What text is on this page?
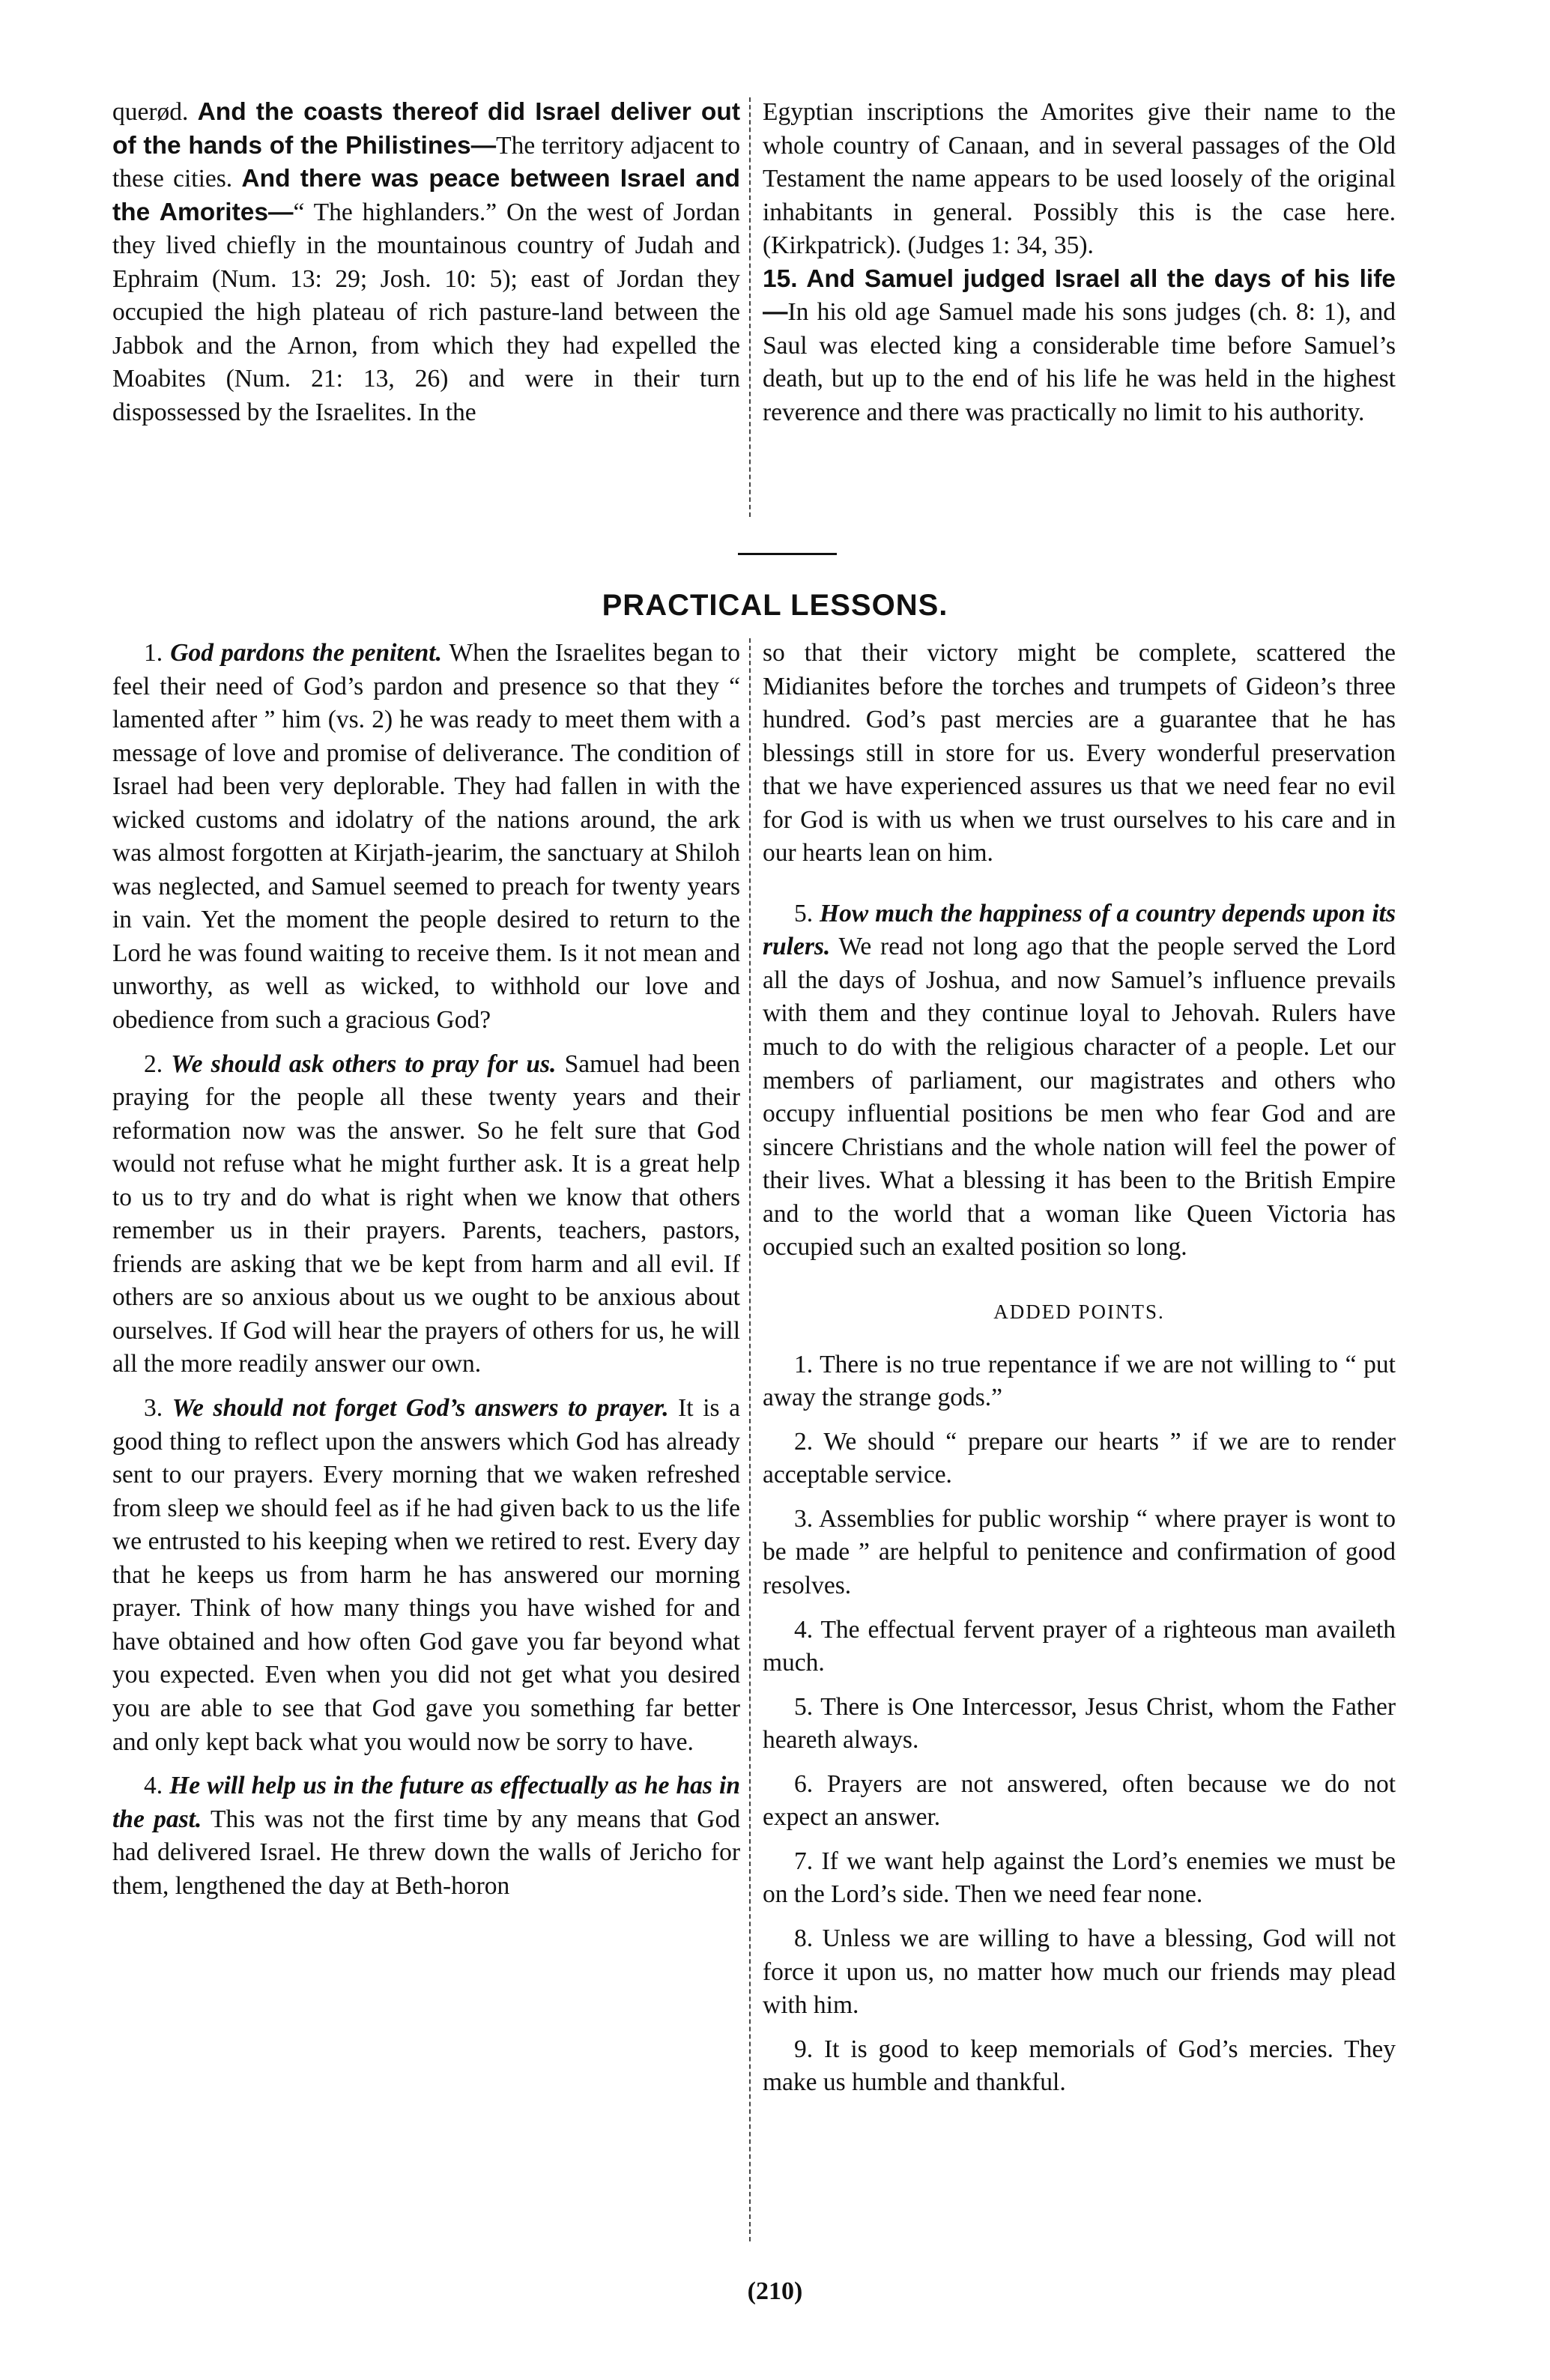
querød. And the coasts thereof did Israel deliver out of the hands of the Philistines—The territory adjacent to these cities. And there was peace between Israel and the Amorites—“ The highlanders.” On the west of Jordan they lived chiefly in the mountainous country of Judah and Ephraim (Num. 13: 29; Josh. 10: 5); east of Jordan they occupied the high plateau of rich pasture-land between the Jabbok and the Arnon, from which they had expelled the Moabites (Num. 21: 13, 26) and were in their turn dispossessed by the Israelites. In the

Egyptian inscriptions the Amorites give their name to the whole country of Canaan, and in several passages of the Old Testament the name appears to be used loosely of the original inhabitants in general. Possibly this is the case here. (Kirkpatrick). (Judges 1: 34, 35).

15. And Samuel judged Israel all the days of his life—In his old age Samuel made his sons judges (ch. 8: 1), and Saul was elected king a considerable time before Samuel’s death, but up to the end of his life he was held in the highest reverence and there was practically no limit to his authority.

PRACTICAL LESSONS.

1. God pardons the penitent. When the Israelites began to feel their need of God’s pardon and presence so that they “ lamented after ” him (vs. 2) he was ready to meet them with a message of love and promise of deliverance. The condition of Israel had been very deplorable. They had fallen in with the wicked customs and idolatry of the nations around, the ark was almost forgotten at Kirjath-jearim, the sanctuary at Shiloh was neglected, and Samuel seemed to preach for twenty years in vain. Yet the moment the people desired to return to the Lord he was found waiting to receive them. Is it not mean and unworthy, as well as wicked, to withhold our love and obedience from such a gracious God?

2. We should ask others to pray for us. Samuel had been praying for the people all these twenty years and their reformation now was the answer. So he felt sure that God would not refuse what he might further ask. It is a great help to us to try and do what is right when we know that others remember us in their prayers. Parents, teachers, pastors, friends are asking that we be kept from harm and all evil. If others are so anxious about us we ought to be anxious about ourselves. If God will hear the prayers of others for us, he will all the more readily answer our own.

3. We should not forget God’s answers to prayer. It is a good thing to reflect upon the answers which God has already sent to our prayers. Every morning that we waken refreshed from sleep we should feel as if he had given back to us the life we entrusted to his keeping when we retired to rest. Every day that he keeps us from harm he has answered our morning prayer. Think of how many things you have wished for and have obtained and how often God gave you far beyond what you expected. Even when you did not get what you desired you are able to see that God gave you something far better and only kept back what you would now be sorry to have.

4. He will help us in the future as effectually as he has in the past. This was not the first time by any means that God had delivered Israel. He threw down the walls of Jericho for them, lengthened the day at Beth-horon

so that their victory might be complete, scattered the Midianites before the torches and trumpets of Gideon’s three hundred. God’s past mercies are a guarantee that he has blessings still in store for us. Every wonderful preservation that we have experienced assures us that we need fear no evil for God is with us when we trust ourselves to his care and in our hearts lean on him.

5. How much the happiness of a country depends upon its rulers. We read not long ago that the people served the Lord all the days of Joshua, and now Samuel’s influence prevails with them and they continue loyal to Jehovah. Rulers have much to do with the religious character of a people. Let our members of parliament, our magistrates and others who occupy influential positions be men who fear God and are sincere Christians and the whole nation will feel the power of their lives. What a blessing it has been to the British Empire and to the world that a woman like Queen Victoria has occupied such an exalted position so long.

ADDED POINTS.

1. There is no true repentance if we are not willing to “ put away the strange gods.”

2. We should “ prepare our hearts ” if we are to render acceptable service.

3. Assemblies for public worship “ where prayer is wont to be made ” are helpful to penitence and confirmation of good resolves.

4. The effectual fervent prayer of a righteous man availeth much.

5. There is One Intercessor, Jesus Christ, whom the Father heareth always.

6. Prayers are not answered, often because we do not expect an answer.

7. If we want help against the Lord’s enemies we must be on the Lord’s side. Then we need fear none.

8. Unless we are willing to have a blessing, God will not force it upon us, no matter how much our friends may plead with him.

9. It is good to keep memorials of God’s mercies. They make us humble and thankful.

(210)
